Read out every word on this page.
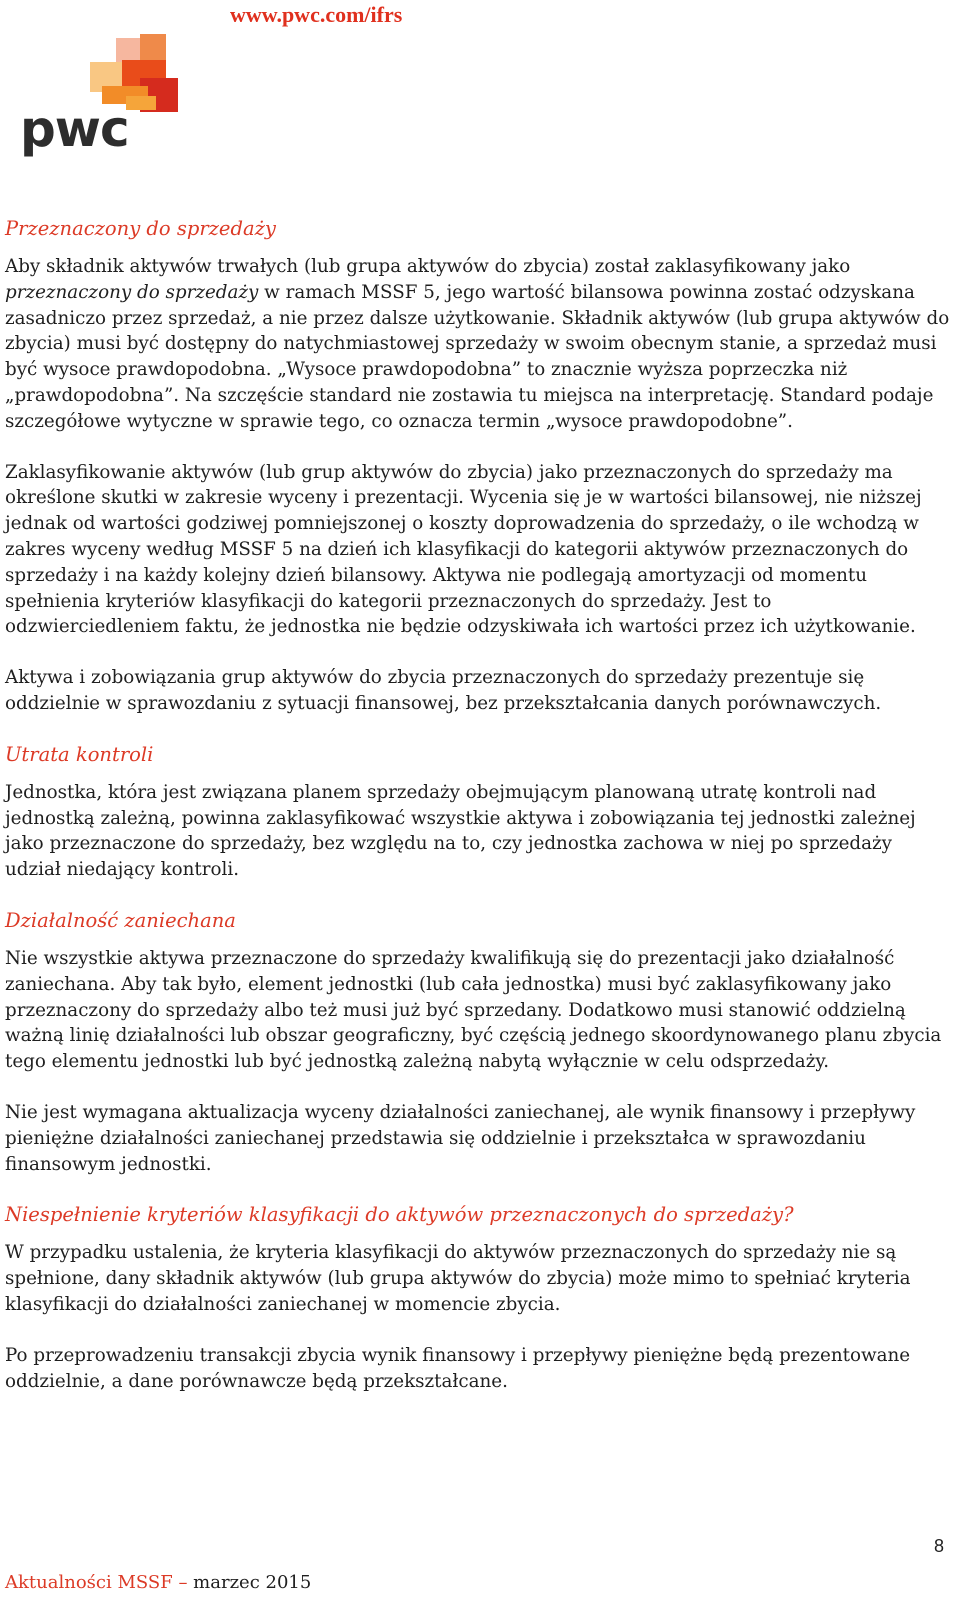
www.pwc.com/ifrs
pwc
Przeznaczony do sprzedaży

Aby składnik aktywów trwałych (lub grupa aktywów do zbycia) został zaklasyfikowany jako przeznaczony do sprzedaży w ramach MSSF 5, jego wartość bilansowa powinna zostać odzyskana zasadniczo przez sprzedaż, a nie przez dalsze użytkowanie. Składnik aktywów (lub grupa aktywów do zbycia) musi być dostępny do natychmiastowej sprzedaży w swoim obecnym stanie, a sprzedaż musi być wysoce prawdopodobna. „Wysoce prawdopodobna” to znacznie wyższa poprzeczka niż „prawdopodobna”. Na szczęście standard nie zostawia tu miejsca na interpretację. Standard podaje szczegółowe wytyczne w sprawie tego, co oznacza termin „wysoce prawdopodobne”.

Zaklasyfikowanie aktywów (lub grup aktywów do zbycia) jako przeznaczonych do sprzedaży ma określone skutki w zakresie wyceny i prezentacji. Wycenia się je w wartości bilansowej, nie niższej jednak od wartości godziwej pomniejszonej o koszty doprowadzenia do sprzedaży, o ile wchodzą w zakres wyceny według MSSF 5 na dzień ich klasyfikacji do kategorii aktywów przeznaczonych do sprzedaży i na każdy kolejny dzień bilansowy. Aktywa nie podlegają amortyzacji od momentu spełnienia kryteriów klasyfikacji do kategorii przeznaczonych do sprzedaży. Jest to odzwierciedleniem faktu, że jednostka nie będzie odzyskiwała ich wartości przez ich użytkowanie.

Aktywa i zobowiązania grup aktywów do zbycia przeznaczonych do sprzedaży prezentuje się oddzielnie w sprawozdaniu z sytuacji finansowej, bez przekształcania danych porównawczych.

Utrata kontroli

Jednostka, która jest związana planem sprzedaży obejmującym planowaną utratę kontroli nad jednostką zależną, powinna zaklasyfikować wszystkie aktywa i zobowiązania tej jednostki zależnej jako przeznaczone do sprzedaży, bez względu na to, czy jednostka zachowa w niej po sprzedaży udział niedający kontroli.

Działalność zaniechana

Nie wszystkie aktywa przeznaczone do sprzedaży kwalifikują się do prezentacji jako działalność zaniechana. Aby tak było, element jednostki (lub cała jednostka) musi być zaklasyfikowany jako przeznaczony do sprzedaży albo też musi już być sprzedany. Dodatkowo musi stanowić oddzielną ważną linię działalności lub obszar geograficzny, być częścią jednego skoordynowanego planu zbycia tego elementu jednostki lub być jednostką zależną nabytą wyłącznie w celu odsprzedaży.

Nie jest wymagana aktualizacja wyceny działalności zaniechanej, ale wynik finansowy i przepływy pieniężne działalności zaniechanej przedstawia się oddzielnie i przekształca w sprawozdaniu finansowym jednostki.

Niespełnienie kryteriów klasyfikacji do aktywów przeznaczonych do sprzedaży?

W przypadku ustalenia, że kryteria klasyfikacji do aktywów przeznaczonych do sprzedaży nie są spełnione, dany składnik aktywów (lub grupa aktywów do zbycia) może mimo to spełniać kryteria klasyfikacji do działalności zaniechanej w momencie zbycia.

Po przeprowadzeniu transakcji zbycia wynik finansowy i przepływy pieniężne będą prezentowane oddzielnie, a dane porównawcze będą przekształcane.

8
Aktualności MSSF – marzec 2015
